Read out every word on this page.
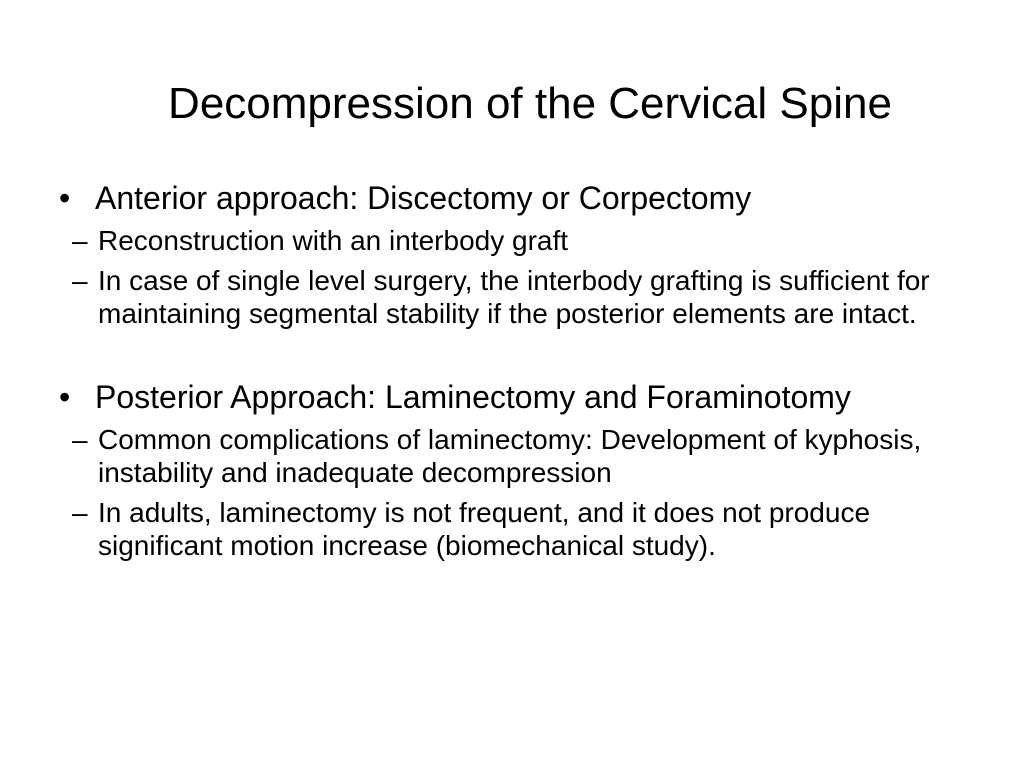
Decompression of the Cervical Spine
• Anterior approach: Discectomy or Corpectomy
– Reconstruction with an interbody graft
– In case of single level surgery, the interbody grafting is sufficient for maintaining segmental stability if the posterior elements are intact.
• Posterior Approach: Laminectomy and Foraminotomy
– Common complications of laminectomy: Development of kyphosis, instability and inadequate decompression
– In adults, laminectomy is not frequent, and it does not produce significant motion increase (biomechanical study).
